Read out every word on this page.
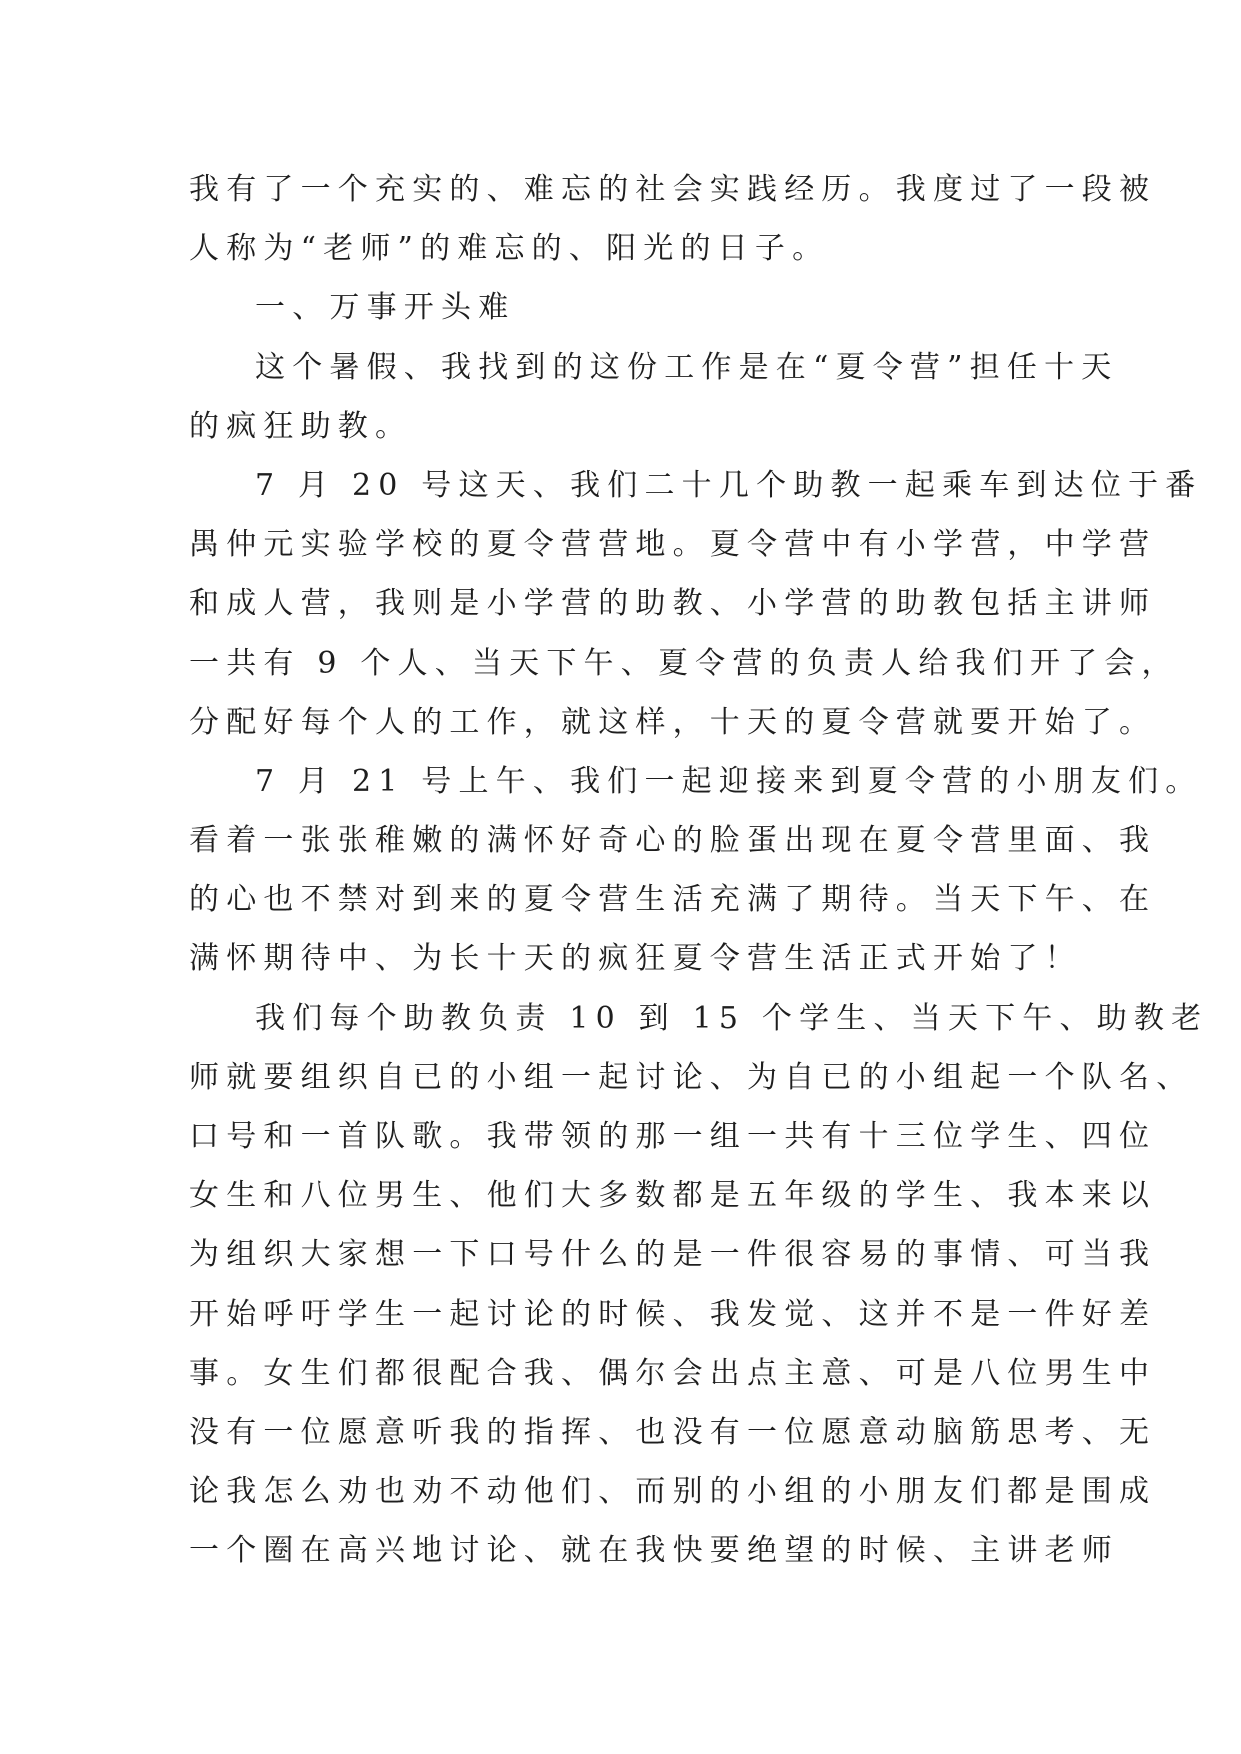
我有了一个充实的、难忘的社会实践经历。我度过了一段被
人称为“老师”的难忘的、阳光的日子。
一、万事开头难
这个暑假、我找到的这份工作是在“夏令营”担任十天
的疯狂助教。
7 月 20 号这天、我们二十几个助教一起乘车到达位于番
禺仲元实验学校的夏令营营地。夏令营中有小学营，中学营
和成人营，我则是小学营的助教、小学营的助教包括主讲师
一共有 9 个人、当天下午、夏令营的负责人给我们开了会，
分配好每个人的工作，就这样，十天的夏令营就要开始了。
7 月 21 号上午、我们一起迎接来到夏令营的小朋友们。
看着一张张稚嫩的满怀好奇心的脸蛋出现在夏令营里面、我
的心也不禁对到来的夏令营生活充满了期待。当天下午、在
满怀期待中、为长十天的疯狂夏令营生活正式开始了！
我们每个助教负责 10 到 15 个学生、当天下午、助教老
师就要组织自已的小组一起讨论、为自已的小组起一个队名、
口号和一首队歌。我带领的那一组一共有十三位学生、四位
女生和八位男生、他们大多数都是五年级的学生、我本来以
为组织大家想一下口号什么的是一件很容易的事情、可当我
开始呼吁学生一起讨论的时候、我发觉、这并不是一件好差
事。女生们都很配合我、偶尔会出点主意、可是八位男生中
没有一位愿意听我的指挥、也没有一位愿意动脑筋思考、无
论我怎么劝也劝不动他们、而别的小组的小朋友们都是围成
一个圈在高兴地讨论、就在我快要绝望的时候、主讲老师
